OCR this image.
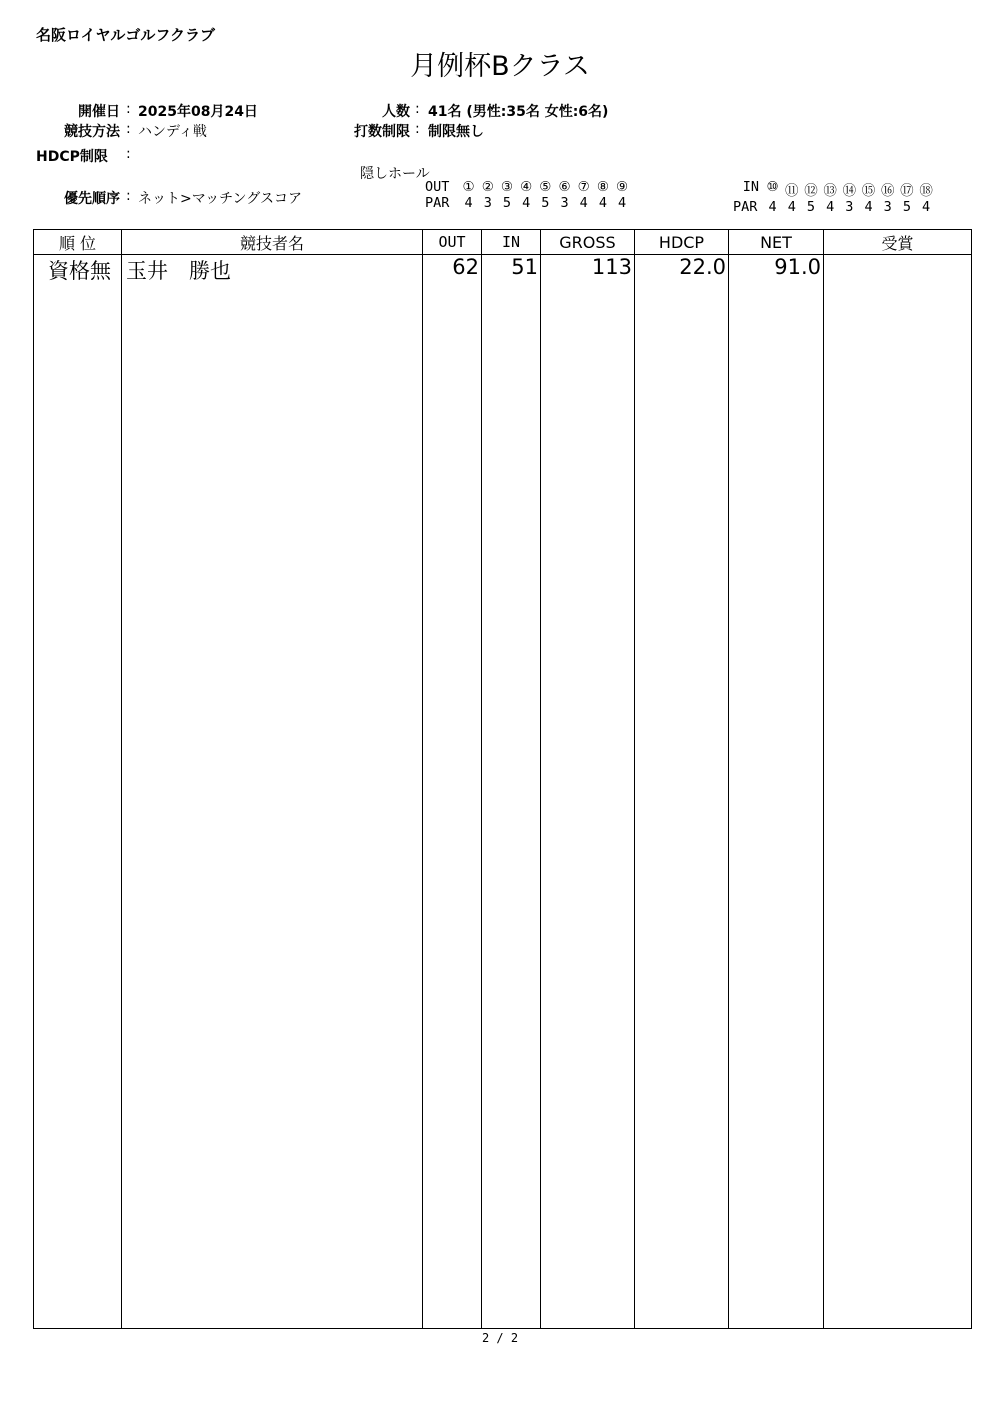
名阪ロイヤルゴルフクラブ
月例杯Bクラス
開催日 : 2025年08月24日
競技方法 : ハンディ戦
HDCP制限 :
優先順序 : ネット>マッチングスコア
人数 : 41名 (男性:35名 女性:6名)
打数制限 : 制限無し
隠しホール
OUT ① ② ③ ④ ⑤ ⑥ ⑦ ⑧ ⑨
PAR	4 3 5 4 5 3 4 4 4
IN ⑩ ⑪ ⑫ ⑬ ⑭ ⑮ ⑯ ⑰ ⑱
PAR 4 4 5 4 3 4 3 5 4
順 位	競技者名	OUT	IN	GROSS	HDCP	NET	受賞
資格無	玉井　勝也	62	51	113	22.0	91.0	

2 / 2
